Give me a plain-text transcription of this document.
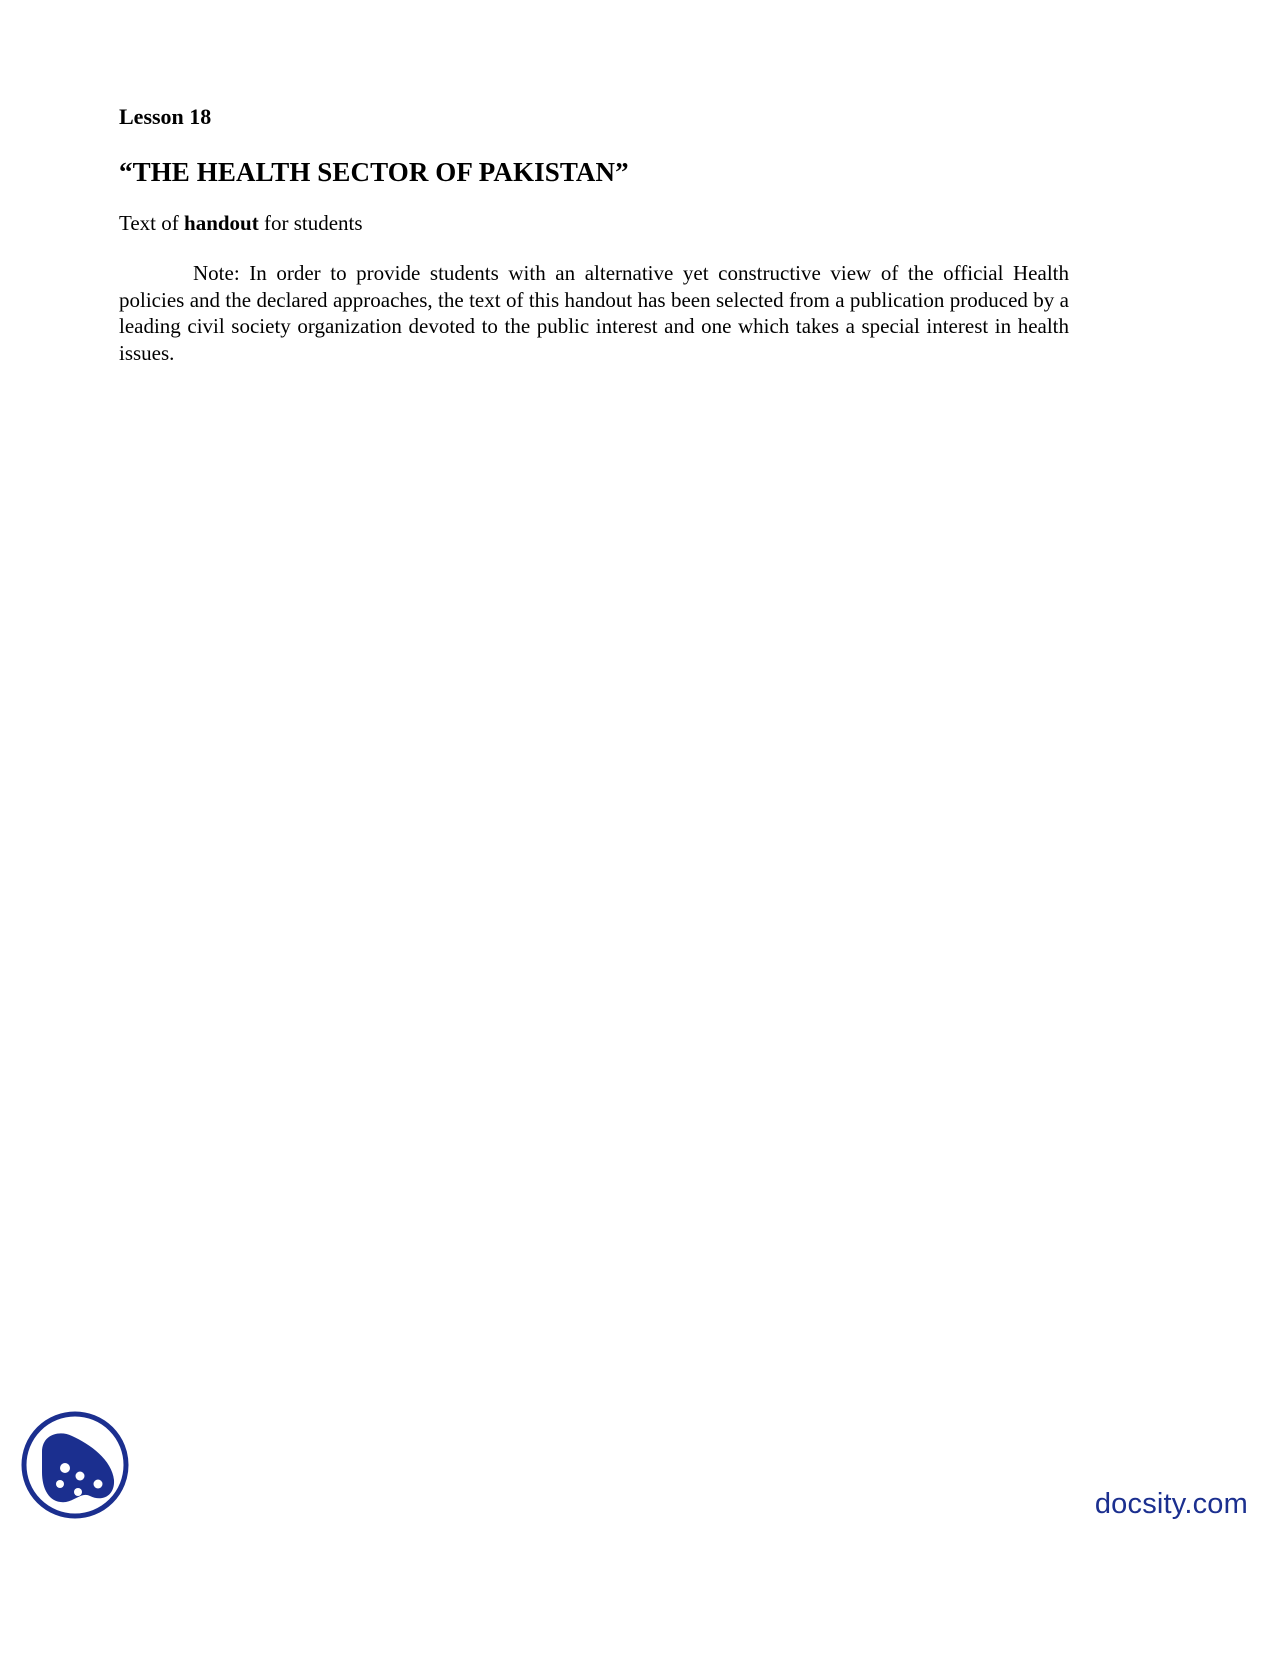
Lesson 18

“THE HEALTH SECTOR OF PAKISTAN”

Text of handout for students

Note: In order to provide students with an alternative yet constructive view of the official Health policies and the declared approaches, the text of this handout has been selected from a publication produced by a leading civil society organization devoted to the public interest and one which takes a special interest in health issues.

docsity.com
